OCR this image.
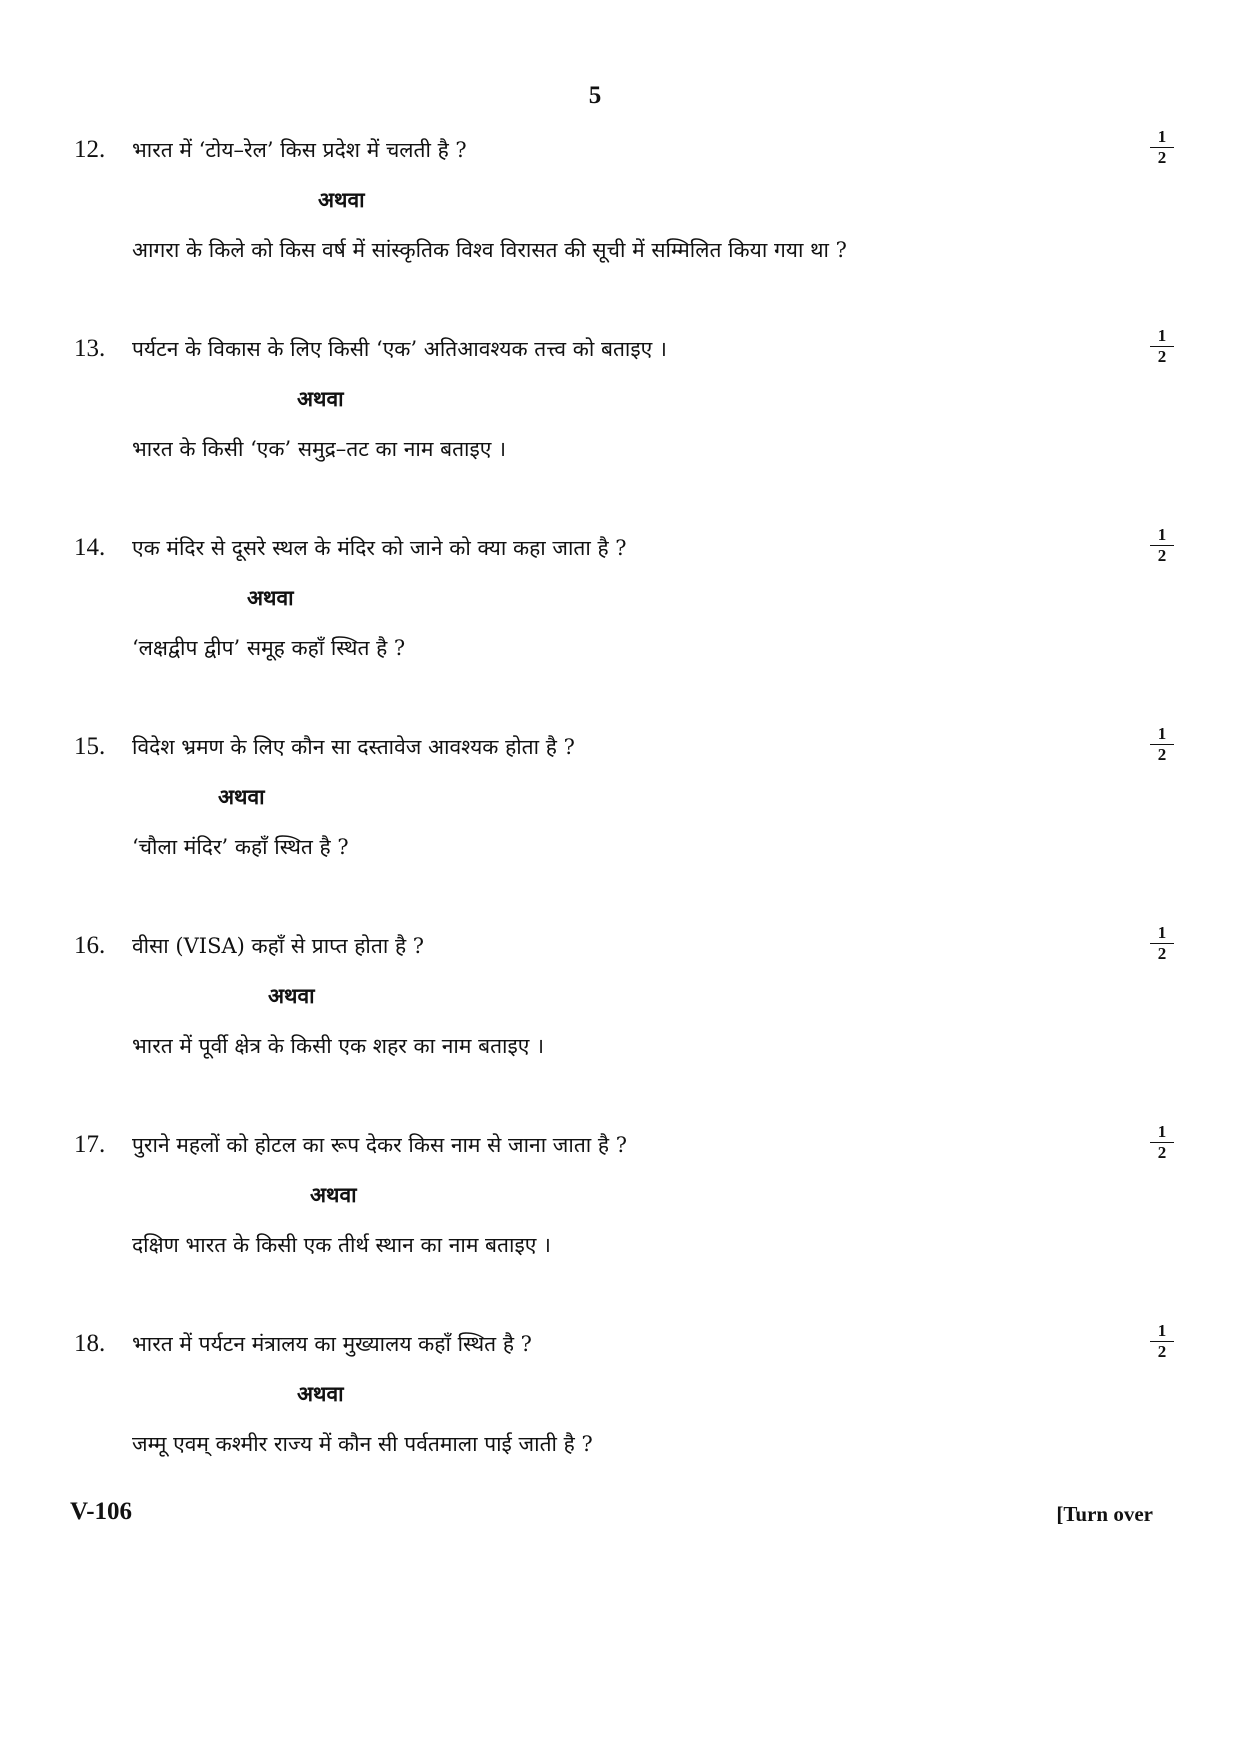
5
12. भारत में ‘टोय–रेल’ किस प्रदेश में चलती है ?
अथवा
आगरा के किले को किस वर्ष में सांस्कृतिक विश्व विरासत की सूची में सम्मिलित किया गया था ?
$\frac{1}{2}$
13. पर्यटन के विकास के लिए किसी ‘एक’ अतिआवश्यक तत्त्व को बताइए ।
अथवा
भारत के किसी ‘एक’ समुद्र–तट का नाम बताइए ।
$\frac{1}{2}$
14. एक मंदिर से दूसरे स्थल के मंदिर को जाने को क्या कहा जाता है ?
अथवा
‘लक्षद्वीप द्वीप’ समूह कहाँ स्थित है ?
$\frac{1}{2}$
15. विदेश भ्रमण के लिए कौन सा दस्तावेज आवश्यक होता है ?
अथवा
‘चौला मंदिर’ कहाँ स्थित है ?
$\frac{1}{2}$
16. वीसा (VISA) कहाँ से प्राप्त होता है ?
अथवा
भारत में पूर्वी क्षेत्र के किसी एक शहर का नाम बताइए ।
$\frac{1}{2}$
17. पुराने महलों को होटल का रूप देकर किस नाम से जाना जाता है ?
अथवा
दक्षिण भारत के किसी एक तीर्थ स्थान का नाम बताइए ।
$\frac{1}{2}$
18. भारत में पर्यटन मंत्रालय का मुख्यालय कहाँ स्थित है ?
अथवा
जम्मू एवम् कश्मीर राज्य में कौन सी पर्वतमाला पाई जाती है ?
$\frac{1}{2}$
V-106	[Turn over
